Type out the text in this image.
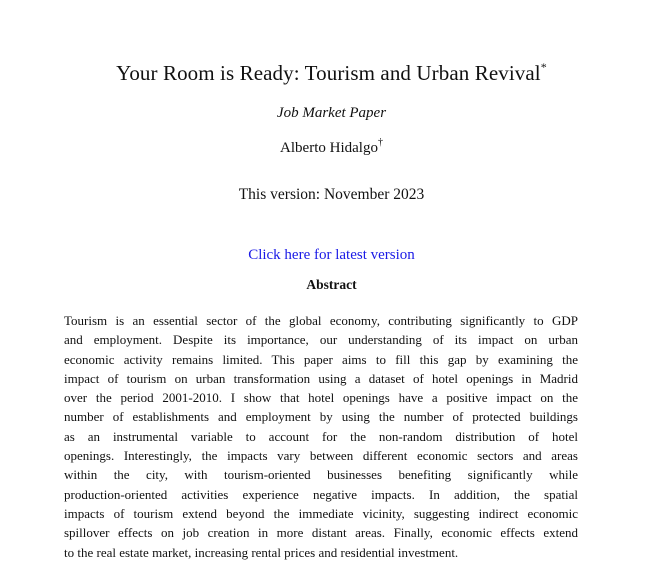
Your Room is Ready: Tourism and Urban Revival*
Job Market Paper
Alberto Hidalgo†
This version: November 2023
Click here for latest version
Abstract
Tourism is an essential sector of the global economy, contributing significantly to GDP
and employment. Despite its importance, our understanding of its impact on urban
economic activity remains limited. This paper aims to fill this gap by examining the
impact of tourism on urban transformation using a dataset of hotel openings in Madrid
over the period 2001-2010. I show that hotel openings have a positive impact on the
number of establishments and employment by using the number of protected buildings
as an instrumental variable to account for the non-random distribution of hotel
openings. Interestingly, the impacts vary between different economic sectors and areas
within the city, with tourism-oriented businesses benefiting significantly while
production-oriented activities experience negative impacts. In addition, the spatial
impacts of tourism extend beyond the immediate vicinity, suggesting indirect economic
spillover effects on job creation in more distant areas. Finally, economic effects extend
to the real estate market, increasing rental prices and residential investment.
